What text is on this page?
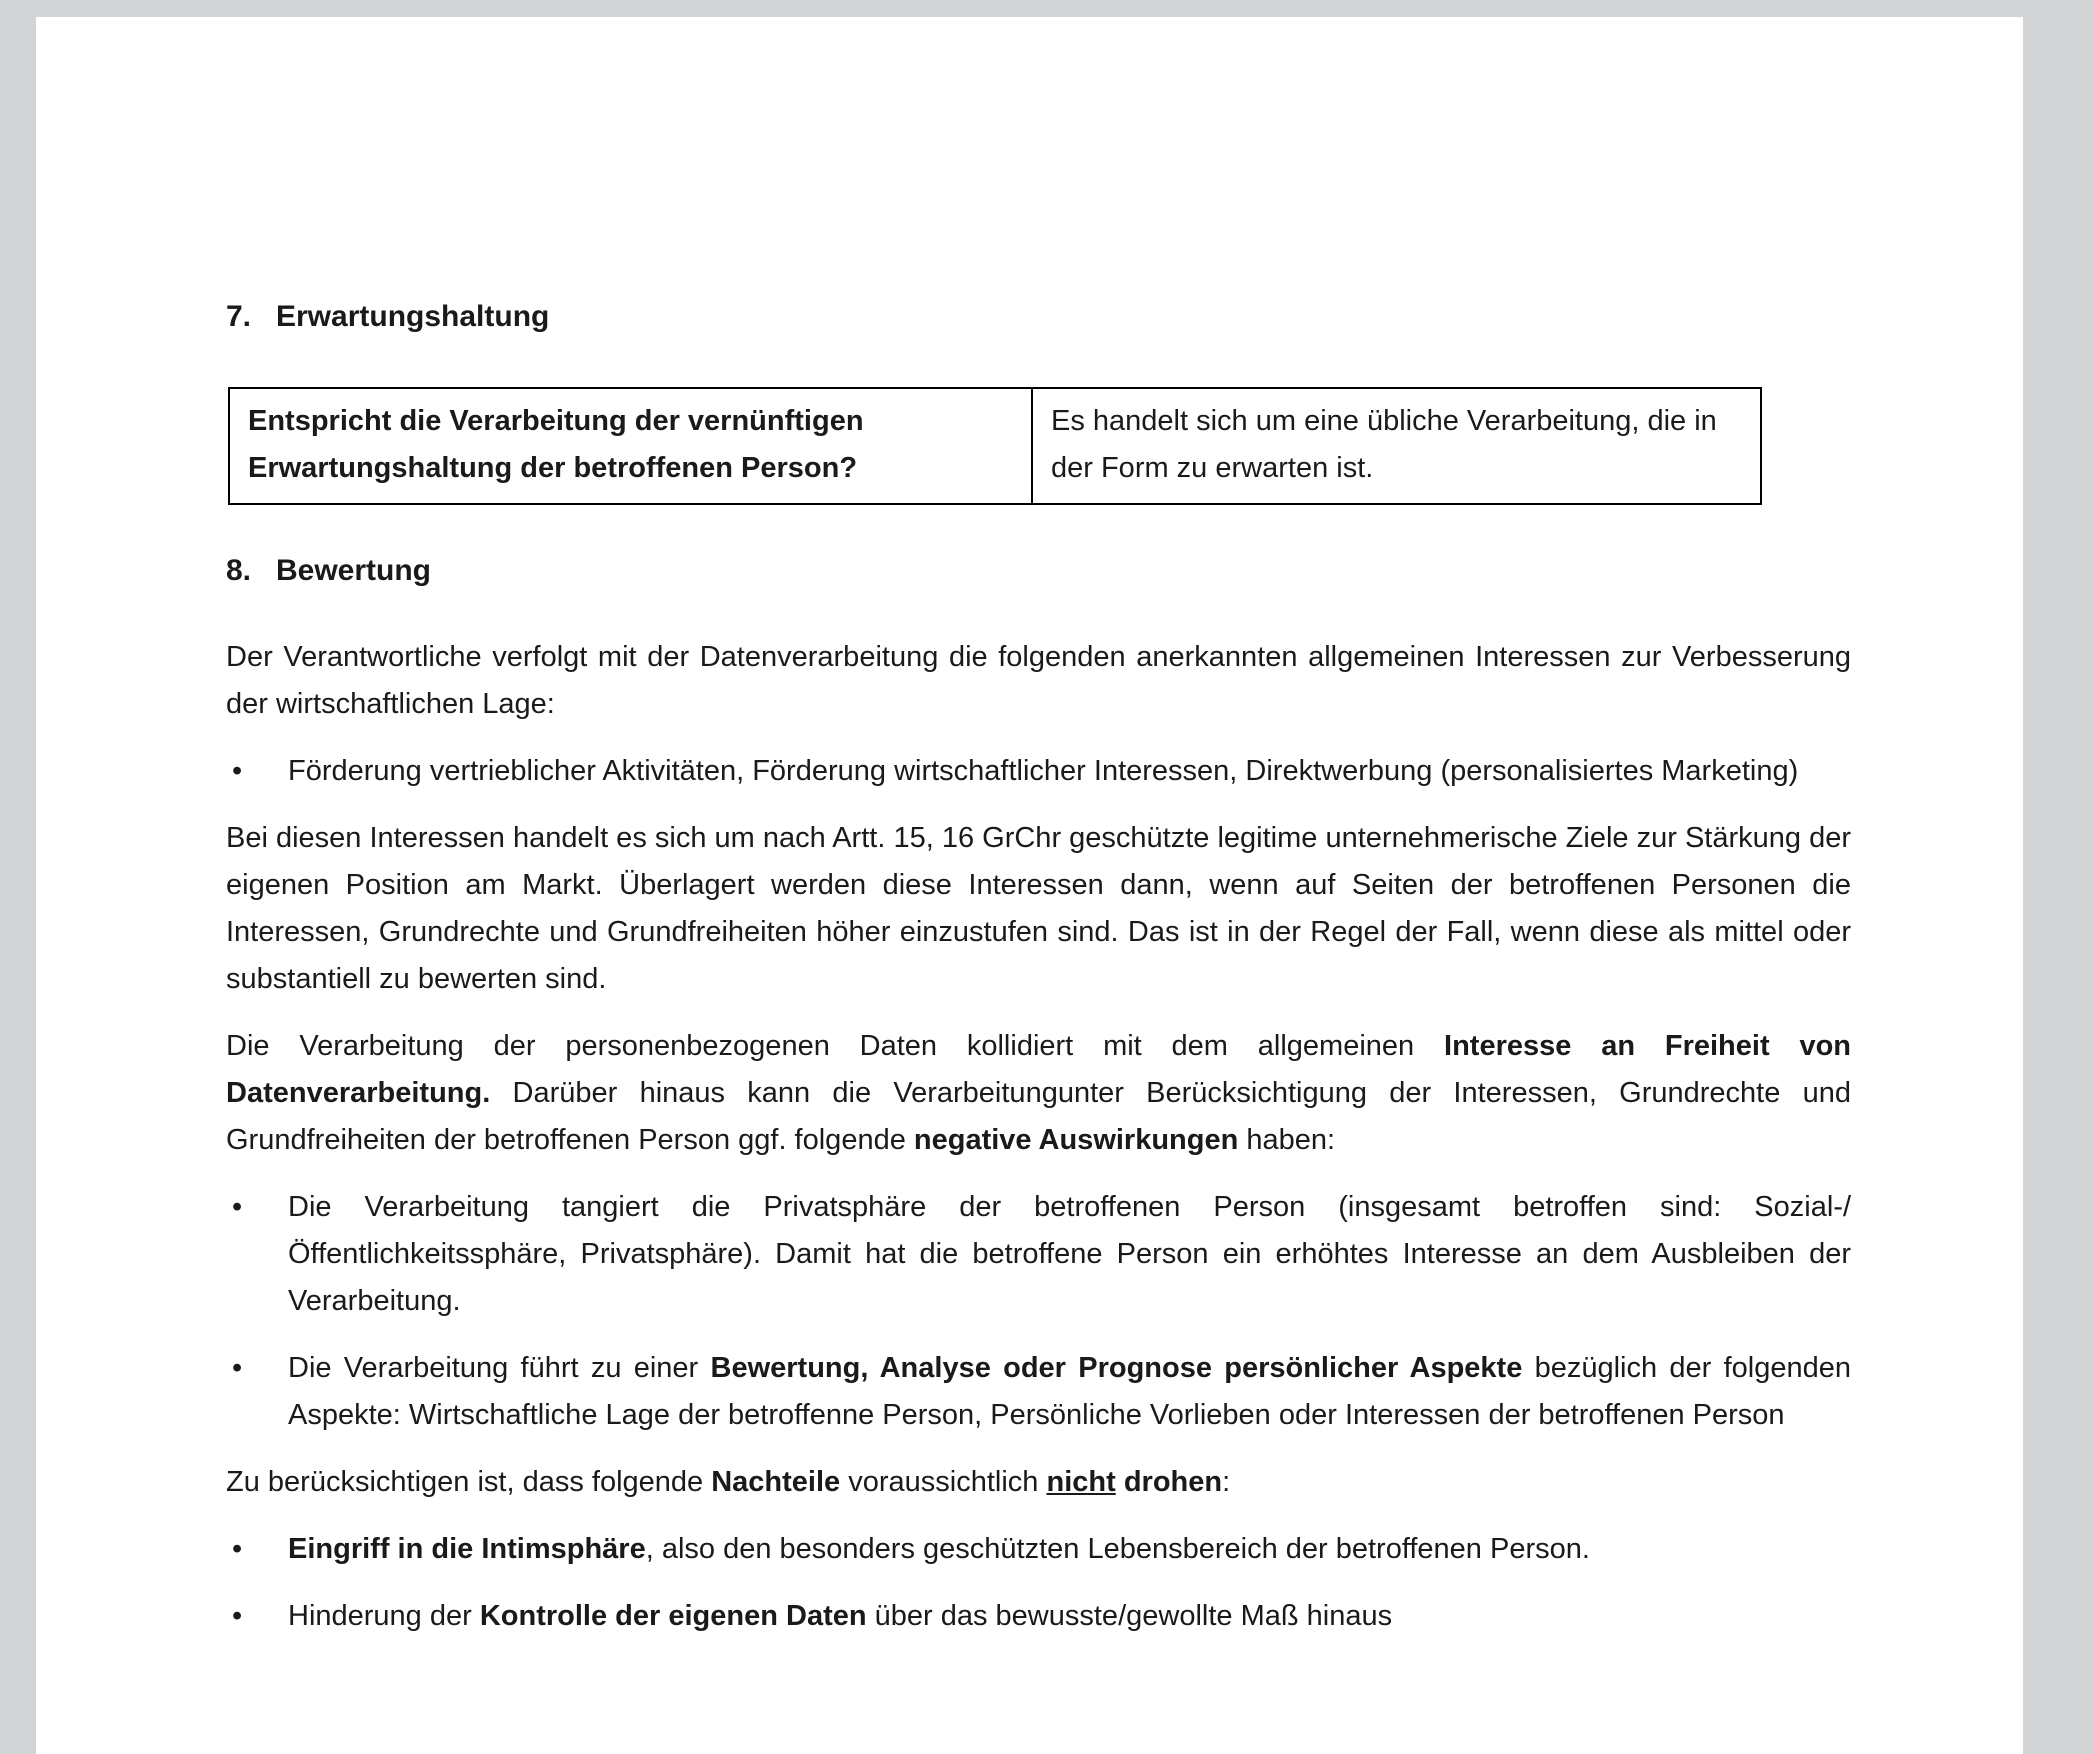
7. Erwartungshaltung
Entspricht die Verarbeitung der vernünftigen Erwartungshaltung der betroffenen Person?	Es handelt sich um eine übliche Verarbeitung, die in der Form zu erwarten ist.
8. Bewertung

Der Verantwortliche verfolgt mit der Datenverarbeitung die folgenden anerkannten allgemeinen Interessen zur Verbesserung der wirtschaftlichen Lage:

• Förderung vertrieblicher Aktivitäten, Förderung wirtschaftlicher Interessen, Direktwerbung (personalisiertes Marketing)

Bei diesen Interessen handelt es sich um nach Artt. 15, 16 GrChr geschützte legitime unternehmerische Ziele zur Stärkung der eigenen Position am Markt. Überlagert werden diese Interessen dann, wenn auf Seiten der betroffenen Personen die Interessen, Grundrechte und Grundfreiheiten höher einzustufen sind. Das ist in der Regel der Fall, wenn diese als mittel oder substantiell zu bewerten sind.

Die Verarbeitung der personenbezogenen Daten kollidiert mit dem allgemeinen Interesse an Freiheit von Datenverarbeitung. Darüber hinaus kann die Verarbeitungunter Berücksichtigung der Interessen, Grundrechte und Grundfreiheiten der betroffenen Person ggf. folgende negative Auswirkungen haben:

• Die Verarbeitung tangiert die Privatsphäre der betroffenen Person (insgesamt betroffen sind: Sozial-/Öffentlichkeitssphäre, Privatsphäre). Damit hat die betroffene Person ein erhöhtes Interesse an dem Ausbleiben der Verarbeitung.
• Die Verarbeitung führt zu einer Bewertung, Analyse oder Prognose persönlicher Aspekte bezüglich der folgenden Aspekte: Wirtschaftliche Lage der betroffenne Person, Persönliche Vorlieben oder Interessen der betroffenen Person

Zu berücksichtigen ist, dass folgende Nachteile voraussichtlich nicht drohen:

• Eingriff in die Intimsphäre, also den besonders geschützten Lebensbereich der betroffenen Person.
• Hinderung der Kontrolle der eigenen Daten über das bewusste/gewollte Maß hinaus
